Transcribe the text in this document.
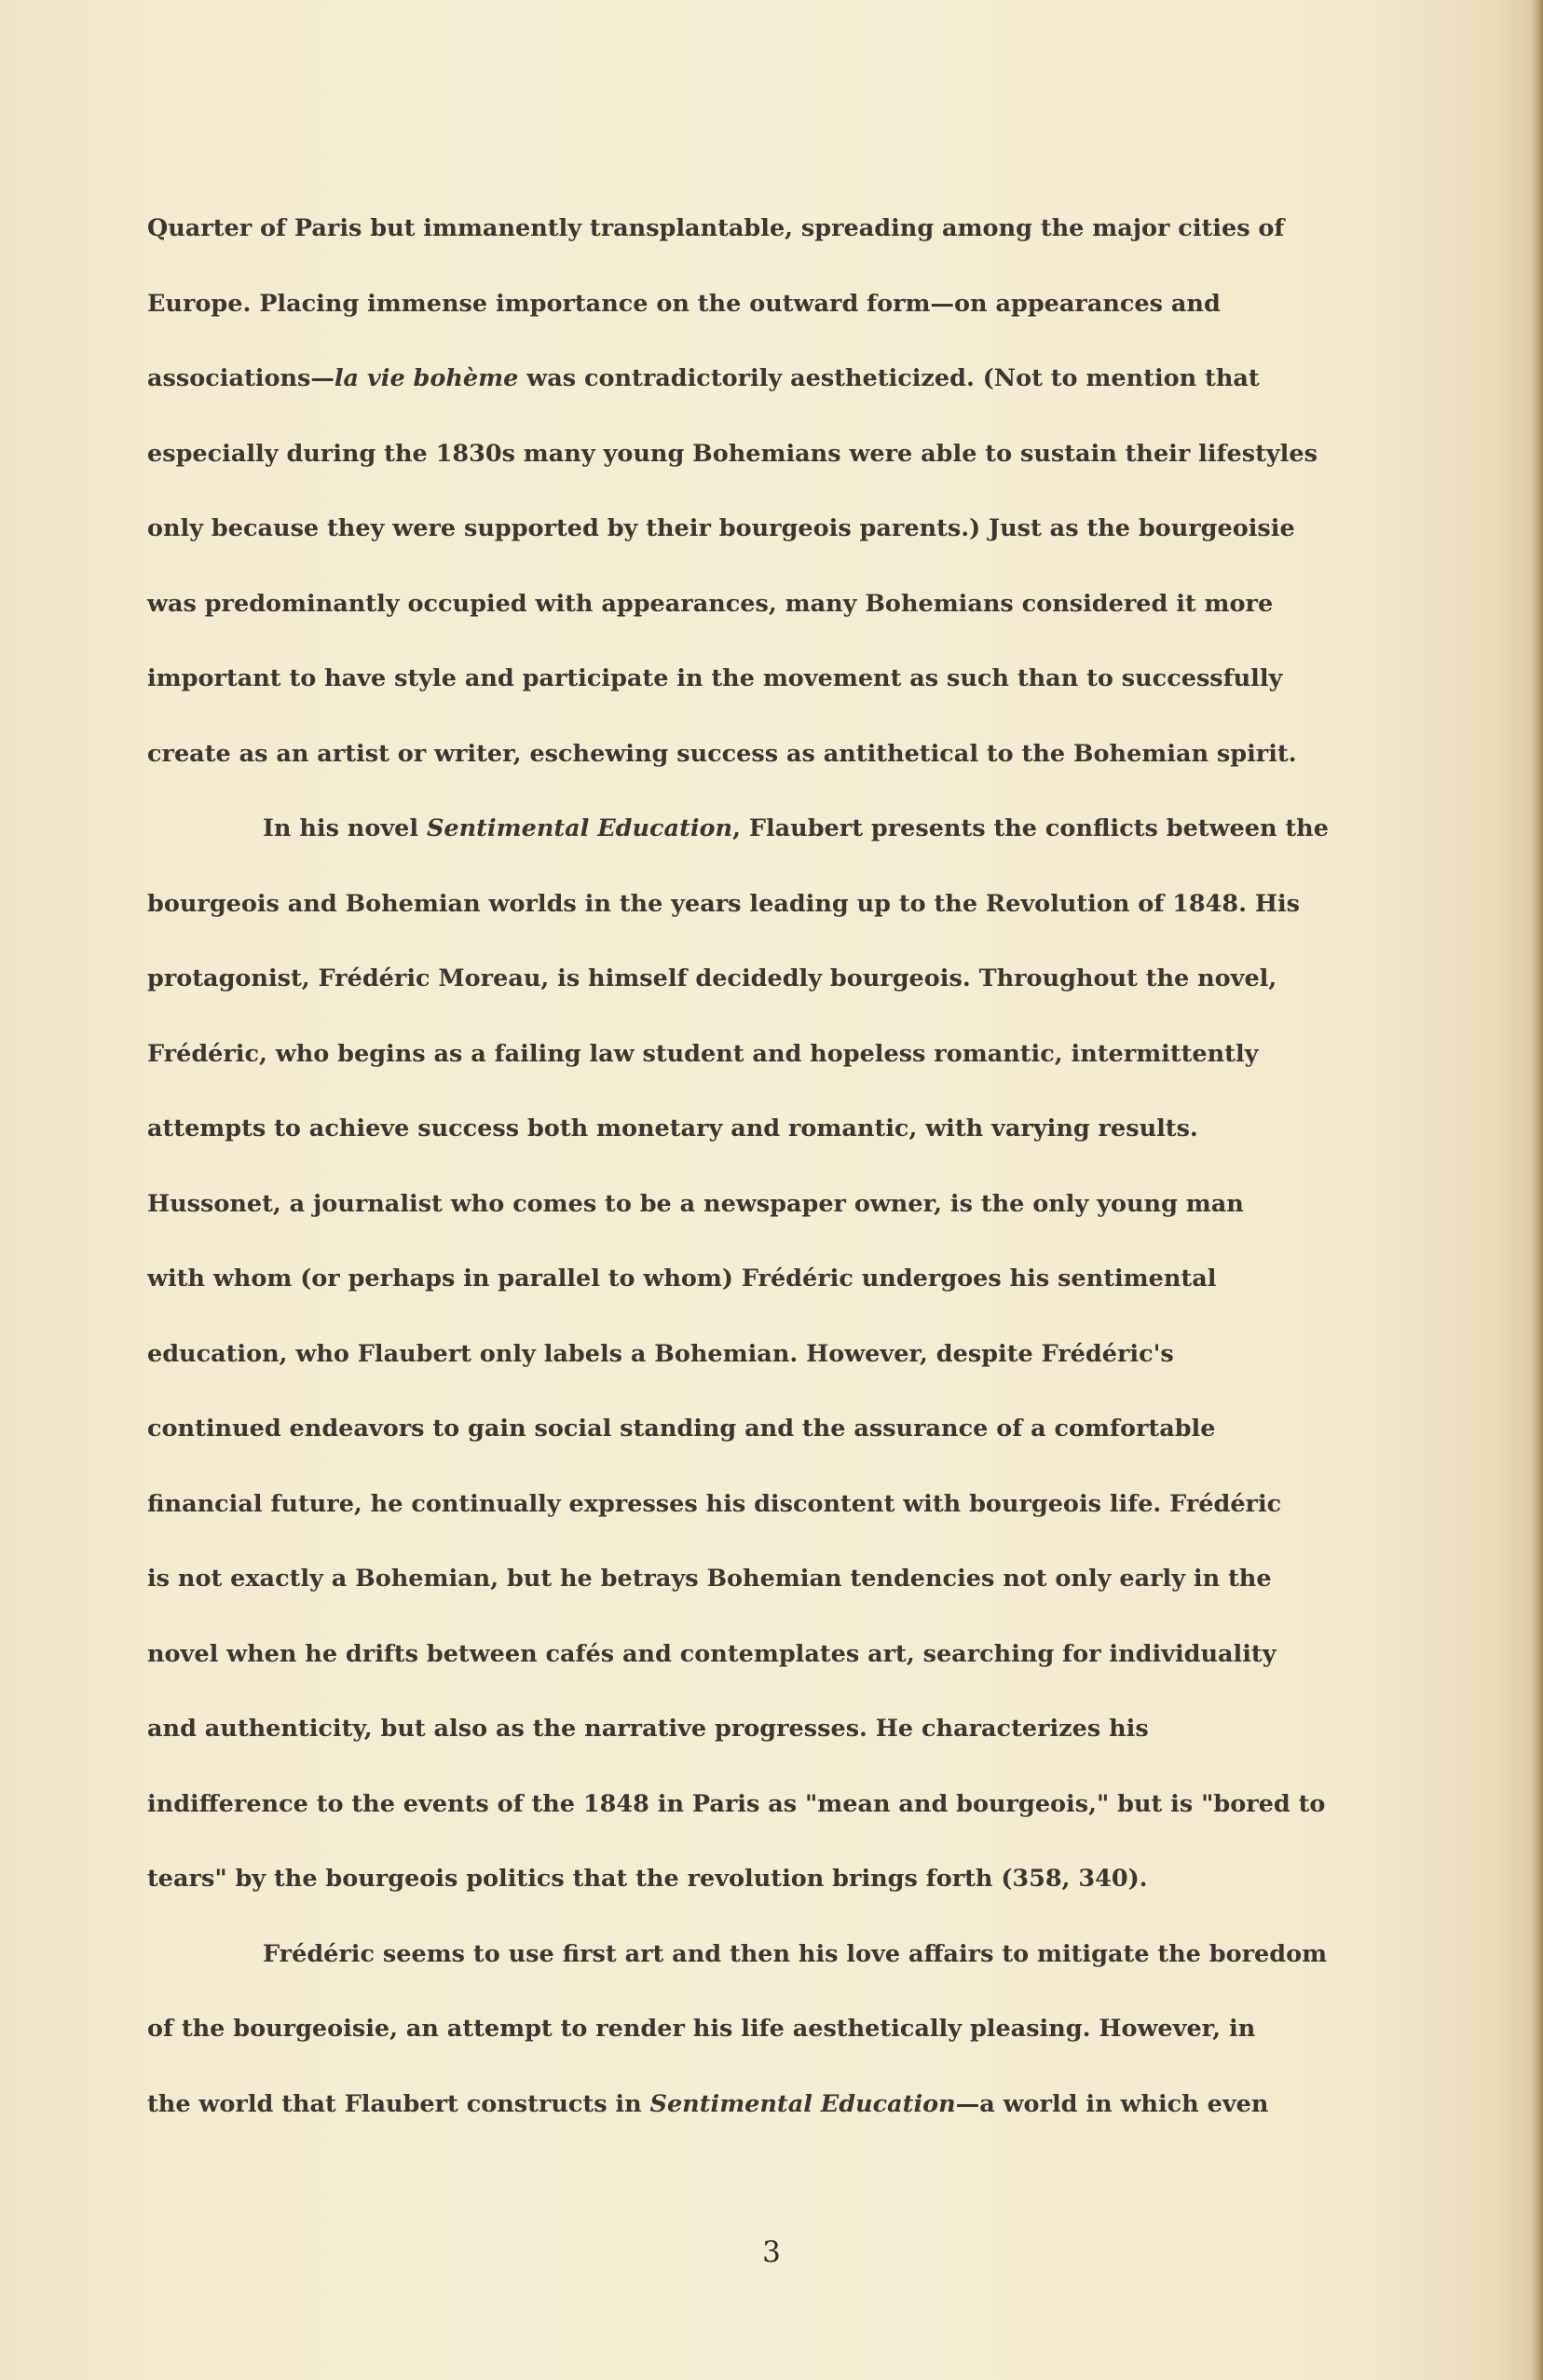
Quarter of Paris but immanently transplantable, spreading among the major cities of

Europe. Placing immense importance on the outward form—on appearances and

associations—la vie bohème was contradictorily aestheticized. (Not to mention that

especially during the 1830s many young Bohemians were able to sustain their lifestyles

only because they were supported by their bourgeois parents.) Just as the bourgeoisie

was predominantly occupied with appearances, many Bohemians considered it more

important to have style and participate in the movement as such than to successfully

create as an artist or writer, eschewing success as antithetical to the Bohemian spirit.

In his novel Sentimental Education, Flaubert presents the conflicts between the

bourgeois and Bohemian worlds in the years leading up to the Revolution of 1848. His

protagonist, Frédéric Moreau, is himself decidedly bourgeois. Throughout the novel,

Frédéric, who begins as a failing law student and hopeless romantic, intermittently

attempts to achieve success both monetary and romantic, with varying results.

Hussonet, a journalist who comes to be a newspaper owner, is the only young man

with whom (or perhaps in parallel to whom) Frédéric undergoes his sentimental

education, who Flaubert only labels a Bohemian. However, despite Frédéric's

continued endeavors to gain social standing and the assurance of a comfortable

financial future, he continually expresses his discontent with bourgeois life. Frédéric

is not exactly a Bohemian, but he betrays Bohemian tendencies not only early in the

novel when he drifts between cafés and contemplates art, searching for individuality

and authenticity, but also as the narrative progresses. He characterizes his

indifference to the events of the 1848 in Paris as "mean and bourgeois," but is "bored to

tears" by the bourgeois politics that the revolution brings forth (358, 340).

Frédéric seems to use first art and then his love affairs to mitigate the boredom

of the bourgeoisie, an attempt to render his life aesthetically pleasing. However, in

the world that Flaubert constructs in Sentimental Education—a world in which even

3
